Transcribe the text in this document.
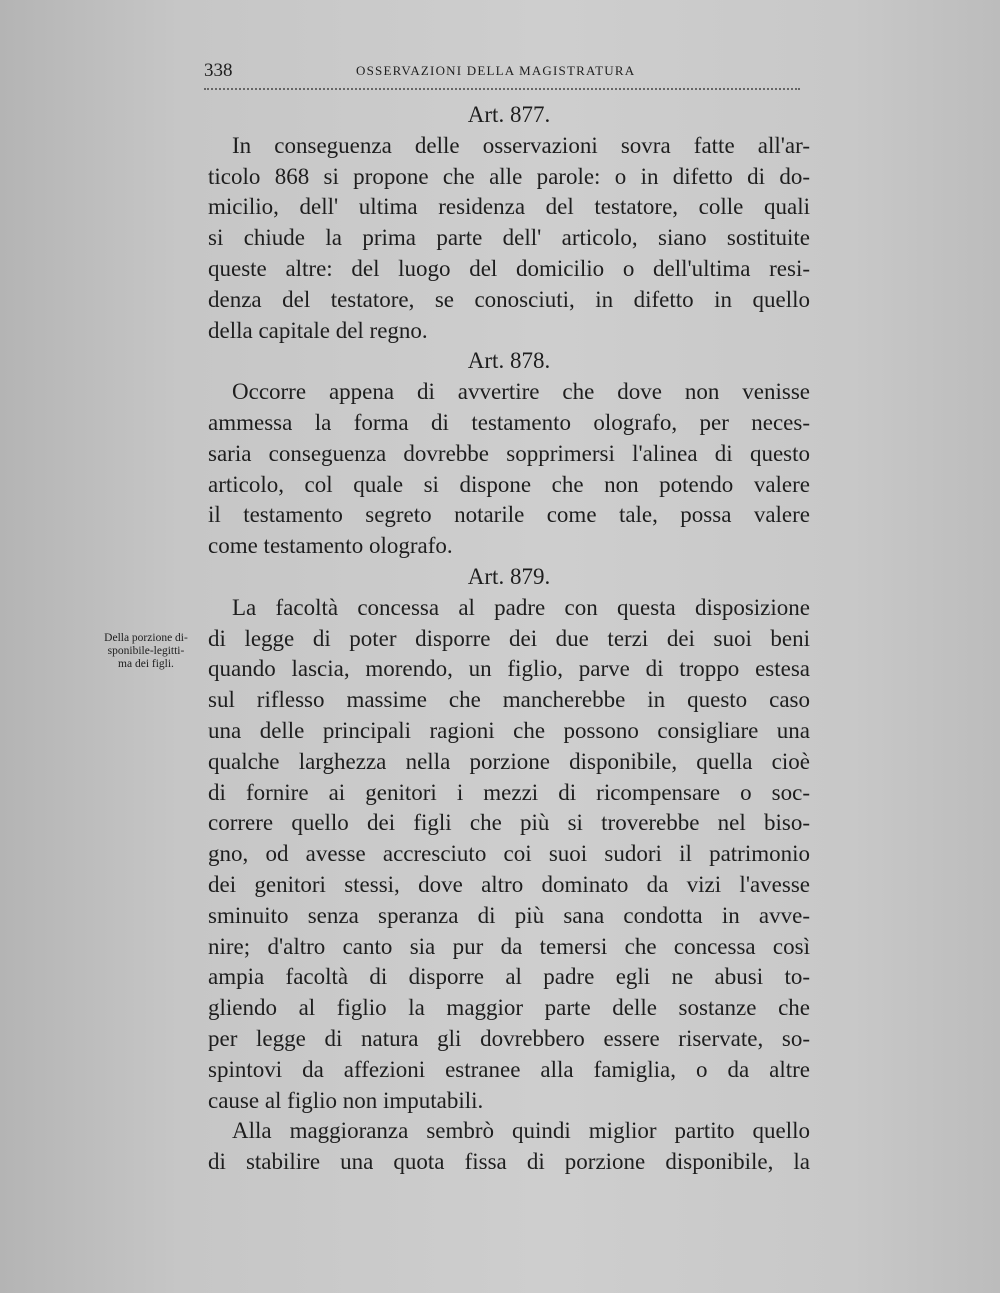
338	OSSERVAZIONI DELLA MAGISTRATURA
Della porzione di-
sponibile-legitti-
ma dei figli.
Art. 877.

In conseguenza delle osservazioni sovra fatte all'ar-
ticolo 868 si propone che alle parole: o in difetto di do-
micilio, dell' ultima residenza del testatore, colle quali
si chiude la prima parte dell' articolo, siano sostituite
queste altre: del luogo del domicilio o dell'ultima resi-
denza del testatore, se conosciuti, in difetto in quello
della capitale del regno.

Art. 878.

Occorre appena di avvertire che dove non venisse
ammessa la forma di testamento olografo, per neces-
saria conseguenza dovrebbe sopprimersi l'alinea di questo
articolo, col quale si dispone che non potendo valere
il testamento segreto notarile come tale, possa valere
come testamento olografo.

Art. 879.

La facoltà concessa al padre con questa disposizione
di legge di poter disporre dei due terzi dei suoi beni
quando lascia, morendo, un figlio, parve di troppo estesa
sul riflesso massime che mancherebbe in questo caso
una delle principali ragioni che possono consigliare una
qualche larghezza nella porzione disponibile, quella cioè
di fornire ai genitori i mezzi di ricompensare o soc-
correre quello dei figli che più si troverebbe nel biso-
gno, od avesse accresciuto coi suoi sudori il patrimonio
dei genitori stessi, dove altro dominato da vizi l'avesse
sminuito senza speranza di più sana condotta in avve-
nire; d'altro canto sia pur da temersi che concessa così
ampia facoltà di disporre al padre egli ne abusi to-
gliendo al figlio la maggior parte delle sostanze che
per legge di natura gli dovrebbero essere riservate, so-
spintovi da affezioni estranee alla famiglia, o da altre
cause al figlio non imputabili.

Alla maggioranza sembrò quindi miglior partito quello
di stabilire una quota fissa di porzione disponibile, la
